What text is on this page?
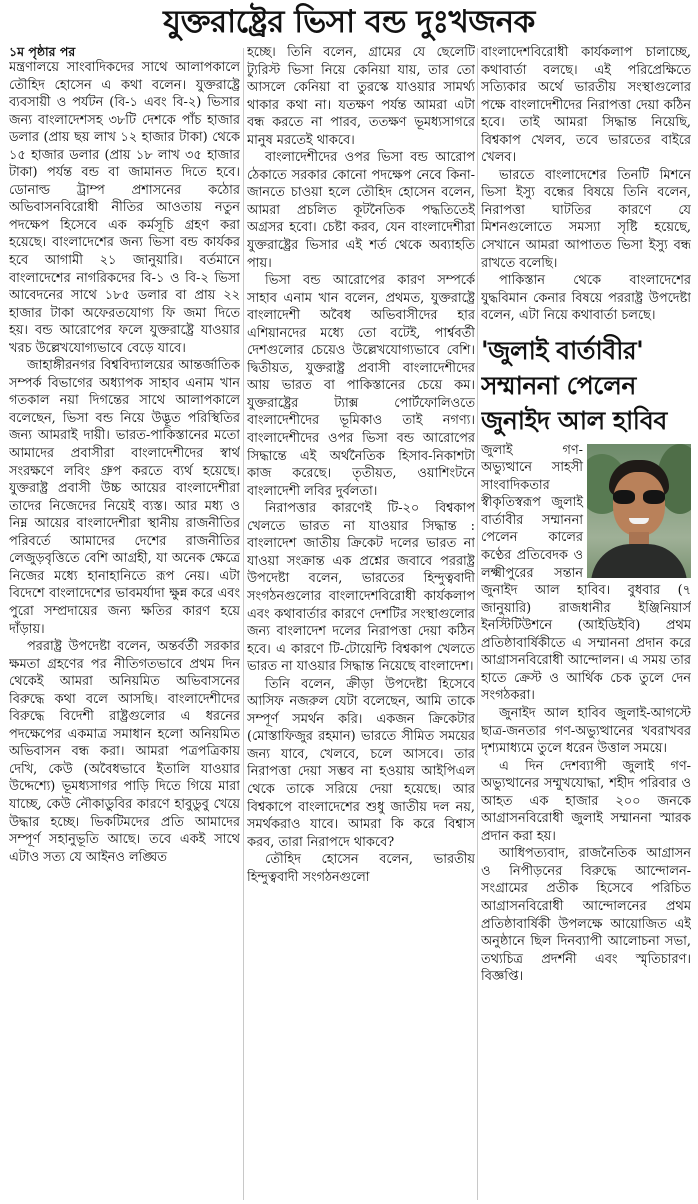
যুক্তরাষ্ট্রের ভিসা বন্ড দুঃখজনক
১ম পৃষ্ঠার পর

মন্ত্রণালয়ে সাংবাদিকদের সাথে আলাপকালে তৌহিদ হোসেন এ কথা বলেন। যুক্তরাষ্ট্রে ব্যবসায়ী ও পর্যটন (বি-১ এবং বি-২) ভিসার জন্য বাংলাদেশসহ ৩৮টি দেশকে পাঁচ হাজার ডলার (প্রায় ছয় লাখ ১২ হাজার টাকা) থেকে ১৫ হাজার ডলার (প্রায় ১৮ লাখ ৩৫ হাজার টাকা) পর্যন্ত বন্ড বা জামানত দিতে হবে। ডোনাল্ড ট্রাম্প প্রশাসনের কঠোর অভিবাসনবিরোধী নীতির আওতায় নতুন পদক্ষেপ হিসেবে এক কর্মসূচি গ্রহণ করা হয়েছে। বাংলাদেশের জন্য ভিসা বন্ড কার্যকর হবে আগামী ২১ জানুয়ারি। বর্তমানে বাংলাদেশের নাগরিকদের বি-১ ও বি-২ ভিসা আবেদনের সাথে ১৮৫ ডলার বা প্রায় ২২ হাজার টাকা অফেরতযোগ্য ফি জমা দিতে হয়। বন্ড আরোপের ফলে যুক্তরাষ্ট্রে যাওয়ার খরচ উল্লেখযোগ্যভাবে বেড়ে যাবে।

জাহাঙ্গীরনগর বিশ্ববিদ্যালয়ের আন্তর্জাতিক সম্পর্ক বিভাগের অধ্যাপক সাহাব এনাম খান গতকাল নয়া দিগন্তের সাথে আলাপকালে বলেছেন, ভিসা বন্ড নিয়ে উদ্ভূত পরিস্থিতির জন্য আমরাই দায়ী। ভারত-পাকিস্তানের মতো আমাদের প্রবাসীরা বাংলাদেশীদের স্বার্থ সংরক্ষণে লবিং গ্রুপ করতে ব্যর্থ হয়েছে। যুক্তরাষ্ট্র প্রবাসী উচ্চ আয়ের বাংলাদেশীরা তাদের নিজেদের নিয়েই ব্যস্ত। আর মধ্য ও নিম্ন আয়ের বাংলাদেশীরা স্থানীয় রাজনীতির পরিবর্তে আমাদের দেশের রাজনীতির লেজুড়বৃত্তিতে বেশি আগ্রহী, যা অনেক ক্ষেত্রে নিজের মধ্যে হানাহানিতে রূপ নেয়। এটা বিদেশে বাংলাদেশের ভাবমর্যাদা ক্ষুন্ন করে এবং পুরো সম্প্রদায়ের জন্য ক্ষতির কারণ হয়ে দাঁড়ায়।

পররাষ্ট্র উপদেষ্টা বলেন, অন্তর্বর্তী সরকার ক্ষমতা গ্রহণের পর নীতিগতভাবে প্রথম দিন থেকেই আমরা অনিয়মিত অভিবাসনের বিরুদ্ধে কথা বলে আসছি। বাংলাদেশীদের বিরুদ্ধে বিদেশী রাষ্ট্রগুলোর এ ধরনের পদক্ষেপের একমাত্র সমাধান হলো অনিয়মিত অভিবাসন বন্ধ করা। আমরা পত্রপত্রিকায় দেখি, কেউ (অবৈধভাবে ইতালি যাওয়ার উদ্দেশ্যে) ভূমধ্যসাগর পাড়ি দিতে গিয়ে মারা যাচ্ছে, কেউ নৌকাডুবির কারণে হাবুডুবু খেয়ে উদ্ধার হচ্ছে। ভিকটিমদের প্রতি আমাদের সম্পূর্ণ সহানুভূতি আছে। তবে একই সাথে এটাও সত্য যে আইনও লঙ্ঘিত

হচ্ছে। তিনি বলেন, গ্রামের যে ছেলেটি ট্যুরিস্ট ভিসা নিয়ে কেনিয়া যায়, তার তো আসলে কেনিয়া বা তুরস্কে যাওয়ার সামর্থ্য থাকার কথা না। যতক্ষণ পর্যন্ত আমরা এটা বন্ধ করতে না পারব, ততক্ষণ ভূমধ্যসাগরে মানুষ মরতেই থাকবে।

বাংলাদেশীদের ওপর ভিসা বন্ড আরোপ ঠেকাতে সরকার কোনো পদক্ষেপ নেবে কিনা-জানতে চাওয়া হলে তৌহিদ হোসেন বলেন, আমরা প্রচলিত কূটনৈতিক পদ্ধতিতেই অগ্রসর হবো। চেষ্টা করব, যেন বাংলাদেশীরা যুক্তরাষ্ট্রের ভিসার এই শর্ত থেকে অব্যাহতি পায়।

ভিসা বন্ড আরোপের কারণ সম্পর্কে সাহাব এনাম খান বলেন, প্রথমত, যুক্তরাষ্ট্রে বাংলাদেশী অবৈধ অভিবাসীদের হার এশিয়ানদের মধ্যে তো বটেই, পার্শ্ববর্তী দেশগুলোর চেয়েও উল্লেখযোগ্যভাবে বেশি। দ্বিতীয়ত, যুক্তরাষ্ট্র প্রবাসী বাংলাদেশীদের আয় ভারত বা পাকিস্তানের চেয়ে কম। যুক্তরাষ্ট্রের ট্যাক্স পোর্টফোলিওতে বাংলাদেশীদের ভূমিকাও তাই নগণ্য। বাংলাদেশীদের ওপর ভিসা বন্ড আরোপের সিদ্ধান্তে এই অর্থনৈতিক হিসাব-নিকাশটা কাজ করেছে। তৃতীয়ত, ওয়াশিংটনে বাংলাদেশী লবির দুর্বলতা।

নিরাপত্তার কারণেই টি-২০ বিশ্বকাপ খেলতে ভারত না যাওয়ার সিদ্ধান্ত : বাংলাদেশ জাতীয় ক্রিকেট দলের ভারত না যাওয়া সংক্রান্ত এক প্রশ্নের জবাবে পররাষ্ট্র উপদেষ্টা বলেন, ভারতের হিন্দুত্ববাদী সংগঠনগুলোর বাংলাদেশবিরোধী কার্যকলাপ এবং কথাবার্তার কারণে দেশটির সংস্থাগুলোর জন্য বাংলাদেশ দলের নিরাপত্তা দেয়া কঠিন হবে। এ কারণে টি-টোয়েন্টি বিশ্বকাপ খেলতে ভারত না যাওয়ার সিদ্ধান্ত নিয়েছে বাংলাদেশ।

তিনি বলেন, ক্রীড়া উপদেষ্টা হিসেবে আসিফ নজরুল যেটা বলেছেন, আমি তাকে সম্পূর্ণ সমর্থন করি। একজন ক্রিকেটার (মোস্তাফিজুর রহমান) ভারতে সীমিত সময়ের জন্য যাবে, খেলবে, চলে আসবে। তার নিরাপত্তা দেয়া সম্ভব না হওয়ায় আইপিএল থেকে তাকে সরিয়ে দেয়া হয়েছে। আর বিশ্বকাপে বাংলাদেশের শুধু জাতীয় দল নয়, সমর্থকরাও যাবে। আমরা কি করে বিশ্বাস করব, তারা নিরাপদে থাকবে?

তৌহিদ হোসেন বলেন, ভারতীয় হিন্দুত্ববাদী সংগঠনগুলো

বাংলাদেশবিরোধী কার্যকলাপ চালাচ্ছে, কথাবার্তা বলছে। এই পরিপ্রেক্ষিতে সত্যিকার অর্থে ভারতীয় সংস্থাগুলোর পক্ষে বাংলাদেশীদের নিরাপত্তা দেয়া কঠিন হবে। তাই আমরা সিদ্ধান্ত নিয়েছি, বিশ্বকাপ খেলব, তবে ভারতের বাইরে খেলব।

ভারতে বাংলাদেশের তিনটি মিশনে ভিসা ইস্যু বন্ধের বিষয়ে তিনি বলেন, নিরাপত্তা ঘাটতির কারণে যে মিশনগুলোতে সমস্যা সৃষ্টি হয়েছে, সেখানে আমরা আপাতত ভিসা ইস্যু বন্ধ রাখতে বলেছি।

পাকিস্তান থেকে বাংলাদেশের যুদ্ধবিমান কেনার বিষয়ে পররাষ্ট্র উপদেষ্টা বলেন, এটা নিয়ে কথাবার্তা চলছে।

'জুলাই বার্তাবীর'
সম্মাননা পেলেন
জুনাইদ আল হাবিব

জুলাই গণ-অভ্যুত্থানে সাহসী সাংবাদিকতার স্বীকৃতিস্বরূপ জুলাই বার্তাবীর সম্মাননা পেলেন কালের কণ্ঠের প্রতিবেদক ও লক্ষ্মীপুরের সন্তান জুনাইদ আল হাবিব। বুধবার (৭ জানুয়ারি) রাজধানীর ইঞ্জিনিয়ার্স ইনস্টিটিউশনে (আইডিইবি) প্রথম প্রতিষ্ঠাবার্ষিকীতে এ সম্মাননা প্রদান করে আগ্রাসনবিরোধী আন্দোলন। এ সময় তার হাতে ক্রেস্ট ও আর্থিক চেক তুলে দেন সংগঠকরা।

জুনাইদ আল হাবিব জুলাই-আগস্টে ছাত্র-জনতার গণ-অভ্যুত্থানের খবরাখবর দৃশ্যমাধ্যমে তুলে ধরেন উত্তাল সময়ে।

এ দিন দেশব্যাপী জুলাই গণ-অভ্যুত্থানের সম্মুখযোদ্ধা, শহীদ পরিবার ও আহত এক হাজার ২০০ জনকে আগ্রাসনবিরোধী জুলাই সম্মাননা স্মারক প্রদান করা হয়।

আধিপত্যবাদ, রাজনৈতিক আগ্রাসন ও নিপীড়নের বিরুদ্ধে আন্দোলন-সংগ্রামের প্রতীক হিসেবে পরিচিত আগ্রাসনবিরোধী আন্দোলনের প্রথম প্রতিষ্ঠাবার্ষিকী উপলক্ষে আয়োজিত এই অনুষ্ঠানে ছিল দিনব্যাপী আলোচনা সভা, তথ্যচিত্র প্রদর্শনী এবং স্মৃতিচারণ। বিজ্ঞপ্তি।
